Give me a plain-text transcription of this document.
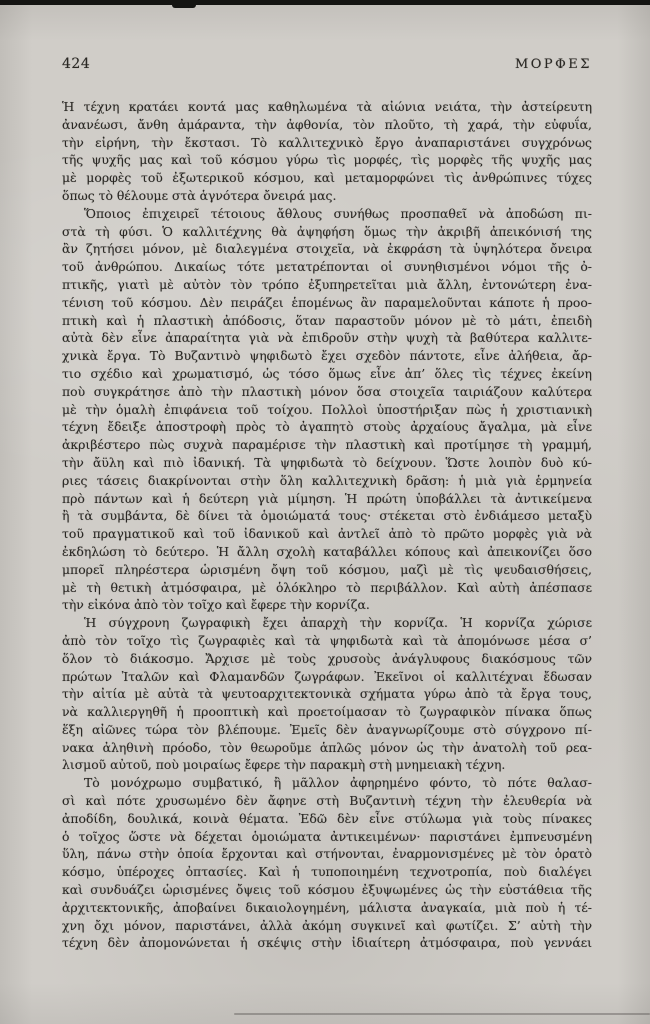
424	ΜΟΡΦΕΣ
Ἡ τέχνη κρατάει κοντά μας καθηλωμένα τὰ αἰώνια νειάτα, τὴν ἀστείρευτη
ἀνανέωσι, ἄνθη ἀμάραντα, τὴν ἀφθονία, τὸν πλοῦτο, τὴ χαρά, τὴν εὐφυΐα,
τὴν εἰρήνη, τὴν ἔκστασι. Τὸ καλλιτεχνικὸ ἔργο ἀναπαριστάνει συγχρόνως
τῆς ψυχῆς μας καὶ τοῦ κόσμου γύρω τὶς μορφές, τὶς μορφὲς τῆς ψυχῆς μας
μὲ μορφὲς τοῦ ἐξωτερικοῦ κόσμου, καὶ μεταμορφώνει τὶς ἀνθρώπινες τύχες
ὅπως τὸ θέλουμε στὰ ἁγνότερα ὄνειρά μας.
Ὅποιος ἐπιχειρεῖ τέτοιους ἄθλους συνήθως προσπαθεῖ νὰ ἀποδώση πι-
στὰ τὴ φύσι. Ὁ καλλιτέχνης θὰ ἀψηφήση ὅμως τὴν ἀκριβῆ ἀπεικόνισή της
ἂν ζητήσει μόνον, μὲ διαλεγμένα στοιχεῖα, νὰ ἐκφράση τὰ ὑψηλότερα ὄνειρα
τοῦ ἀνθρώπου. Δικαίως τότε μετατρέπονται οἱ συνηθισμένοι νόμοι τῆς ὀ-
πτικῆς, γιατὶ μὲ αὐτὸν τὸν τρόπο ἐξυπηρετεῖται μιὰ ἄλλη, ἐντονώτερη ἐνα-
τένιση τοῦ κόσμου. Δὲν πειράζει ἑπομένως ἂν παραμελοῦνται κάποτε ἡ προο-
πτικὴ καὶ ἡ πλαστικὴ ἀπόδοσις, ὅταν παραστοῦν μόνον μὲ τὸ μάτι, ἐπειδὴ
αὐτὰ δὲν εἶνε ἀπαραίτητα γιὰ νὰ ἐπιδροῦν στὴν ψυχὴ τὰ βαθύτερα καλλιτε-
χνικὰ ἔργα. Τὸ Βυζαντινὸ ψηφιδωτὸ ἔχει σχεδὸν πάντοτε, εἶνε ἀλήθεια, ἄρ-
τιο σχέδιο καὶ χρωματισμό, ὡς τόσο ὅμως εἶνε ἀπ’ ὅλες τὶς τέχνες ἐκείνη
ποὺ συγκράτησε ἀπὸ τὴν πλαστικὴ μόνον ὅσα στοιχεῖα ταιριάζουν καλύτερα
μὲ τὴν ὁμαλὴ ἐπιφάνεια τοῦ τοίχου. Πολλοὶ ὑποστήριξαν πὼς ἡ χριστιανικὴ
τέχνη ἔδειξε ἀποστροφὴ πρὸς τὸ ἀγαπητὸ στοὺς ἀρχαίους ἄγαλμα, μὰ εἶνε
ἀκριβέστερο πὼς συχνὰ παραμέρισε τὴν πλαστικὴ καὶ προτίμησε τὴ γραμμή,
τὴν ἄϋλη καὶ πιὸ ἰδανική. Τὰ ψηφιδωτὰ τὸ δείχνουν. Ὥστε λοιπὸν δυὸ κύ-
ριες τάσεις διακρίνονται στὴν ὅλη καλλιτεχνικὴ δρᾶση: ἡ μιὰ γιὰ ἑρμηνεία
πρὸ πάντων καὶ ἡ δεύτερη γιὰ μίμηση. Ἡ πρώτη ὑποβάλλει τὰ ἀντικείμενα
ἢ τὰ συμβάντα, δὲ δίνει τὰ ὁμοιώματά τους· στέκεται στὸ ἐνδιάμεσο μεταξὺ
τοῦ πραγματικοῦ καὶ τοῦ ἰδανικοῦ καὶ ἀντλεῖ ἀπὸ τὸ πρῶτο μορφὲς γιὰ νὰ
ἐκδηλώση τὸ δεύτερο. Ἡ ἄλλη σχολὴ καταβάλλει κόπους καὶ ἀπεικονίζει ὅσο
μπορεῖ πληρέστερα ὡρισμένη ὄψη τοῦ κόσμου, μαζὶ μὲ τὶς ψευδαισθήσεις,
μὲ τὴ θετικὴ ἀτμόσφαιρα, μὲ ὁλόκληρο τὸ περιβάλλον. Καὶ αὐτὴ ἀπέσπασε
τὴν εἰκόνα ἀπὸ τὸν τοῖχο καὶ ἔφερε τὴν κορνίζα.
Ἡ σύγχρονη ζωγραφικὴ ἔχει ἀπαρχὴ τὴν κορνίζα. Ἡ κορνίζα χώρισε
ἀπὸ τὸν τοῖχο τὶς ζωγραφιὲς καὶ τὰ ψηφιδωτὰ καὶ τὰ ἀπομόνωσε μέσα σ’
ὅλον τὸ διάκοσμο. Ἄρχισε μὲ τοὺς χρυσοὺς ἀνάγλυφους διακόσμους τῶν
πρώτων Ἰταλῶν καὶ Φλαμανδῶν ζωγράφων. Ἐκεῖνοι οἱ καλλιτέχναι ἔδωσαν
τὴν αἰτία μὲ αὐτὰ τὰ ψευτοαρχιτεκτονικὰ σχήματα γύρω ἀπὸ τὰ ἔργα τους,
νὰ καλλιεργηθῆ ἡ προοπτικὴ καὶ προετοίμασαν τὸ ζωγραφικὸν πίνακα ὅπως
ἕξη αἰῶνες τώρα τὸν βλέπουμε. Ἐμεῖς δὲν ἀναγνωρίζουμε στὸ σύγχρονο πί-
νακα ἀληθινὴ πρόοδο, τὸν θεωροῦμε ἁπλῶς μόνον ὡς τὴν ἀνατολὴ τοῦ ρεα-
λισμοῦ αὐτοῦ, ποὺ μοιραίως ἔφερε τὴν παρακμὴ στὴ μνημειακὴ τέχνη.
Τὸ μονόχρωμο συμβατικό, ἢ μᾶλλον ἀφηρημένο φόντο, τὸ πότε θαλασ-
σὶ καὶ πότε χρυσωμένο δὲν ἄφηνε στὴ Βυζαντινὴ τέχνη τὴν ἐλευθερία νὰ
ἀποδίδη, δουλικά, κοινὰ θέματα. Ἐδῶ δὲν εἶνε στύλωμα γιὰ τοὺς πίνακες
ὁ τοῖχος ὥστε νὰ δέχεται ὁμοιώματα ἀντικειμένων· παριστάνει ἐμπνευσμένη
ὕλη, πάνω στὴν ὁποία ἔρχονται καὶ στήνονται, ἐναρμονισμένες μὲ τὸν ὁρατὸ
κόσμο, ὑπέροχες ὀπτασίες. Καὶ ἡ τυποποιημένη τεχνοτροπία, ποὺ διαλέγει
καὶ συνδυάζει ὡρισμένες ὄψεις τοῦ κόσμου ἐξυψωμένες ὡς τὴν εὐστάθεια τῆς
ἀρχιτεκτονικῆς, ἀποβαίνει δικαιολογημένη, μάλιστα ἀναγκαία, μιὰ ποὺ ἡ τέ-
χνη ὄχι μόνον, παριστάνει, ἀλλὰ ἀκόμη συγκινεῖ καὶ φωτίζει. Σ’ αὐτὴ τὴν
τέχνη δὲν ἀπομονώνεται ἡ σκέψις στὴν ἰδιαίτερη ἀτμόσφαιρα, ποὺ γεννάει
